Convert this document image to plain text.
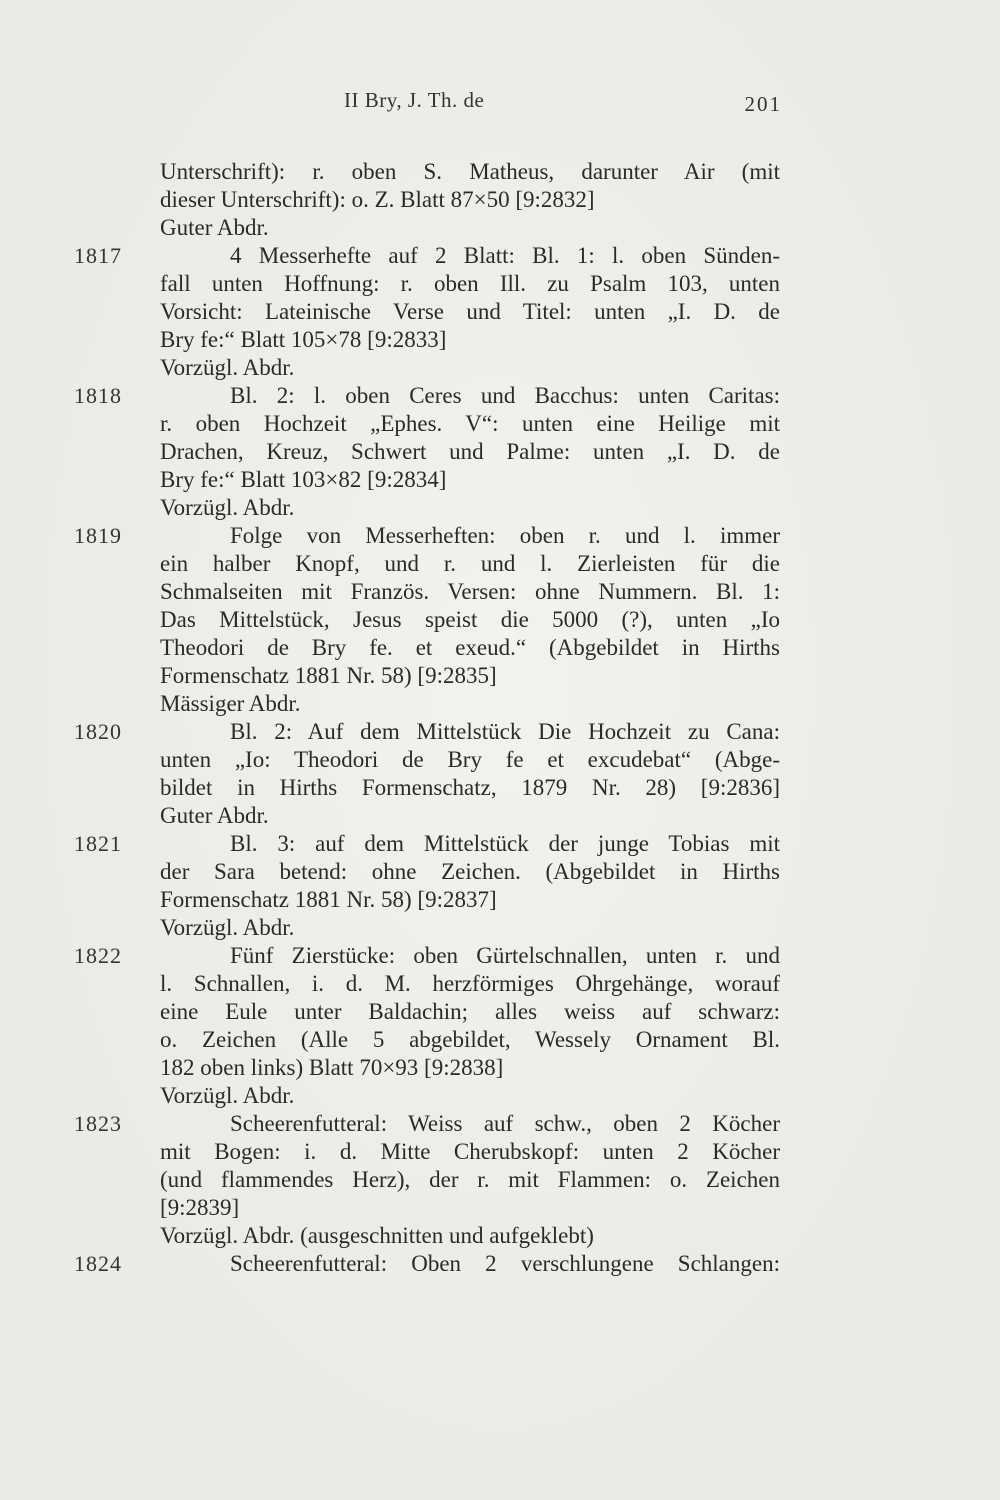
II Bry, J. Th. de	201
Unterschrift): r. oben S. Matheus, darunter Air (mit
dieser Unterschrift): o. Z. Blatt 87×50 [9:2832]
Guter Abdr.
1817	4 Messerhefte auf 2 Blatt: Bl. 1: l. oben Sünden-
fall unten Hoffnung: r. oben Ill. zu Psalm 103, unten
Vorsicht: Lateinische Verse und Titel: unten „I. D. de
Bry fe:“ Blatt 105×78 [9:2833]
Vorzügl. Abdr.
1818	Bl. 2: l. oben Ceres und Bacchus: unten Caritas:
r. oben Hochzeit „Ephes. V“: unten eine Heilige mit
Drachen, Kreuz, Schwert und Palme: unten „I. D. de
Bry fe:“ Blatt 103×82 [9:2834]
Vorzügl. Abdr.
1819	Folge von Messerheften: oben r. und l. immer
ein halber Knopf, und r. und l. Zierleisten für die
Schmalseiten mit Französ. Versen: ohne Nummern. Bl. 1:
Das Mittelstück, Jesus speist die 5000 (?), unten „Io
Theodori de Bry fe. et exeud.“ (Abgebildet in Hirths
Formenschatz 1881 Nr. 58) [9:2835]
Mässiger Abdr.
1820	Bl. 2: Auf dem Mittelstück Die Hochzeit zu Cana:
unten „Io: Theodori de Bry fe et excudebat“ (Abge-
bildet in Hirths Formenschatz, 1879 Nr. 28) [9:2836]
Guter Abdr.
1821	Bl. 3: auf dem Mittelstück der junge Tobias mit
der Sara betend: ohne Zeichen. (Abgebildet in Hirths
Formenschatz 1881 Nr. 58) [9:2837]
Vorzügl. Abdr.
1822	Fünf Zierstücke: oben Gürtelschnallen, unten r. und
l. Schnallen, i. d. M. herzförmiges Ohrgehänge, worauf
eine Eule unter Baldachin; alles weiss auf schwarz:
o. Zeichen (Alle 5 abgebildet, Wessely Ornament Bl.
182 oben links) Blatt 70×93 [9:2838]
Vorzügl. Abdr.
1823	Scheerenfutteral: Weiss auf schw., oben 2 Köcher
mit Bogen: i. d. Mitte Cherubskopf: unten 2 Köcher
(und flammendes Herz), der r. mit Flammen: o. Zeichen
[9:2839]
Vorzügl. Abdr. (ausgeschnitten und aufgeklebt)
1824	Scheerenfutteral: Oben 2 verschlungene Schlangen:
